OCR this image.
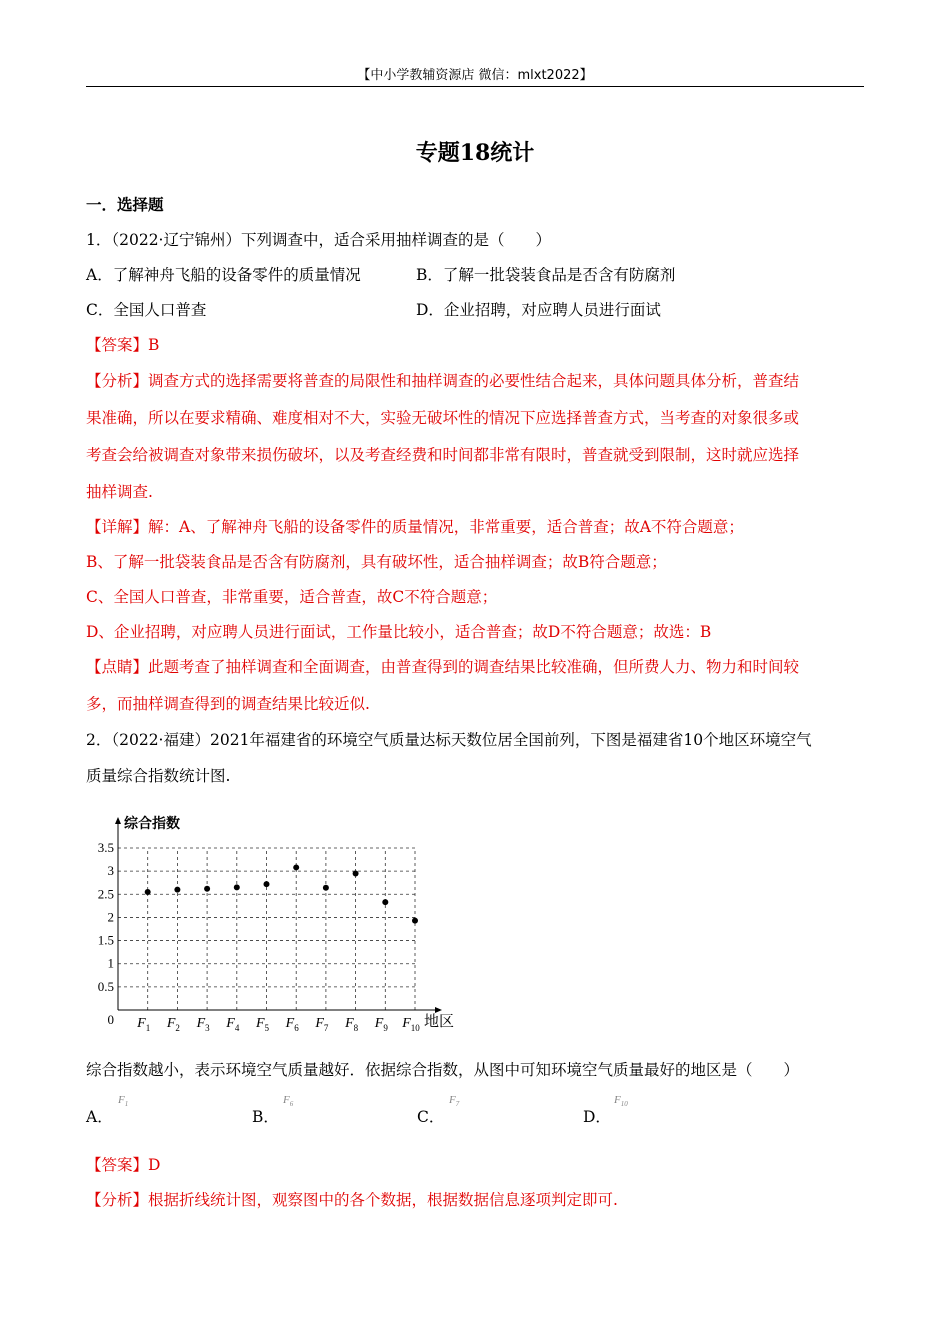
【中小学教辅资源店 微信：mlxt2022】
专题18统计
一．选择题
1．（2022·辽宁锦州）下列调查中，适合采用抽样调查的是（　　）
A．了解神舟飞船的设备零件的质量情况	B．了解一批袋装食品是否含有防腐剂
C．全国人口普查	D．企业招聘，对应聘人员进行面试
【答案】B
【分析】调查方式的选择需要将普查的局限性和抽样调查的必要性结合起来，具体问题具体分析，普查结
果准确，所以在要求精确、难度相对不大，实验无破坏性的情况下应选择普查方式，当考查的对象很多或
考查会给被调查对象带来损伤破坏，以及考查经费和时间都非常有限时，普查就受到限制，这时就应选择
抽样调查.
【详解】解：A、了解神舟飞船的设备零件的质量情况，非常重要，适合普查；故A不符合题意；
B、了解一批袋装食品是否含有防腐剂，具有破坏性，适合抽样调查；故B符合题意；
C、全国人口普查，非常重要，适合普查，故C不符合题意；
D、企业招聘，对应聘人员进行面试，工作量比较小，适合普查；故D不符合题意；故选：B
【点睛】此题考查了抽样调查和全面调查，由普查得到的调查结果比较准确，但所费人力、物力和时间较
多，而抽样调查得到的调查结果比较近似.
2．（2022·福建）2021年福建省的环境空气质量达标天数位居全国前列，下图是福建省10个地区环境空气
质量综合指数统计图.
综合指数
地区
0
0.5
1
1.5
2
2.5
3
3.5
$F_1$ $F_2$ $F_3$ $F_4$ $F_5$ $F_6$ $F_7$ $F_8$ $F_9$ $F_{10}$
综合指数越小，表示环境空气质量越好．依据综合指数，从图中可知环境空气质量最好的地区是（　　）
A．
$F_1$
B．
$F_6$
C．
$F_7$
D．
$F_{10}$
【答案】D
【分析】根据折线统计图，观察图中的各个数据，根据数据信息逐项判定即可.
